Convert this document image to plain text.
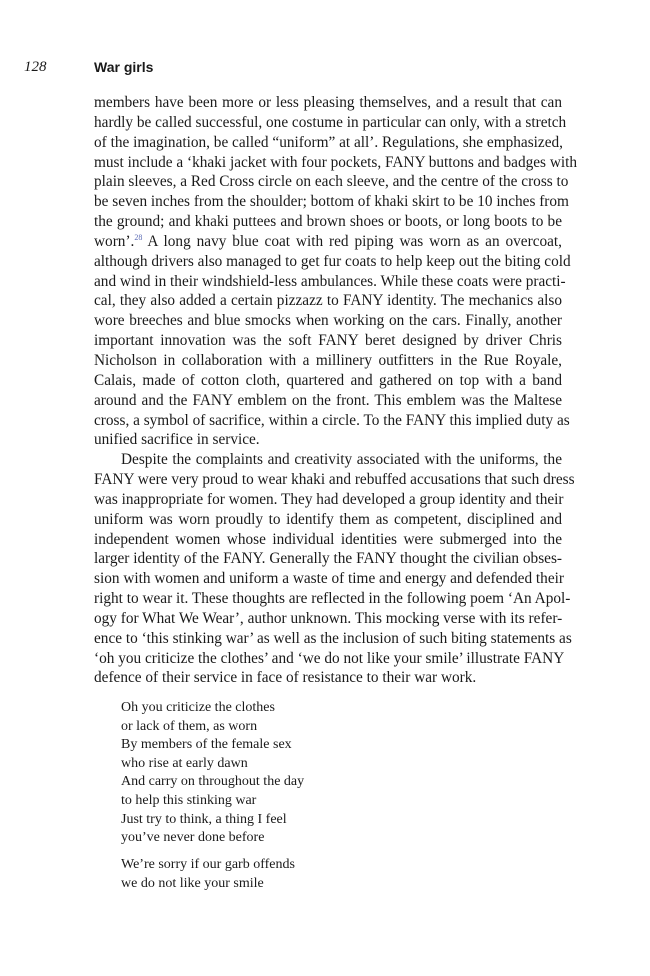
128	War girls
members have been more or less pleasing themselves, and a result that can
hardly be called successful, one costume in particular can only, with a stretch
of the imagination, be called “uniform” at all’. Regulations, she emphasized,
must include a ‘khaki jacket with four pockets, FANY buttons and badges with
plain sleeves, a Red Cross circle on each sleeve, and the centre of the cross to
be seven inches from the shoulder; bottom of khaki skirt to be 10 inches from
the ground; and khaki puttees and brown shoes or boots, or long boots to be
worn’.$^{28}$ A long navy blue coat with red piping was worn as an overcoat,
although drivers also managed to get fur coats to help keep out the biting cold
and wind in their windshield-less ambulances. While these coats were practi-
cal, they also added a certain pizzazz to FANY identity. The mechanics also
wore breeches and blue smocks when working on the cars. Finally, another
important innovation was the soft FANY beret designed by driver Chris
Nicholson in collaboration with a millinery outfitters in the Rue Royale,
Calais, made of cotton cloth, quartered and gathered on top with a band
around and the FANY emblem on the front. This emblem was the Maltese
cross, a symbol of sacrifice, within a circle. To the FANY this implied duty as
unified sacrifice in service.
Despite the complaints and creativity associated with the uniforms, the
FANY were very proud to wear khaki and rebuffed accusations that such dress
was inappropriate for women. They had developed a group identity and their
uniform was worn proudly to identify them as competent, disciplined and
independent women whose individual identities were submerged into the
larger identity of the FANY. Generally the FANY thought the civilian obses-
sion with women and uniform a waste of time and energy and defended their
right to wear it. These thoughts are reflected in the following poem ‘An Apol-
ogy for What We Wear’, author unknown. This mocking verse with its refer-
ence to ‘this stinking war’ as well as the inclusion of such biting statements as
‘oh you criticize the clothes’ and ‘we do not like your smile’ illustrate FANY
defence of their service in face of resistance to their war work.
Oh you criticize the clothes
or lack of them, as worn
By members of the female sex
who rise at early dawn
And carry on throughout the day
to help this stinking war
Just try to think, a thing I feel
you’ve never done before
We’re sorry if our garb offends
we do not like your smile
